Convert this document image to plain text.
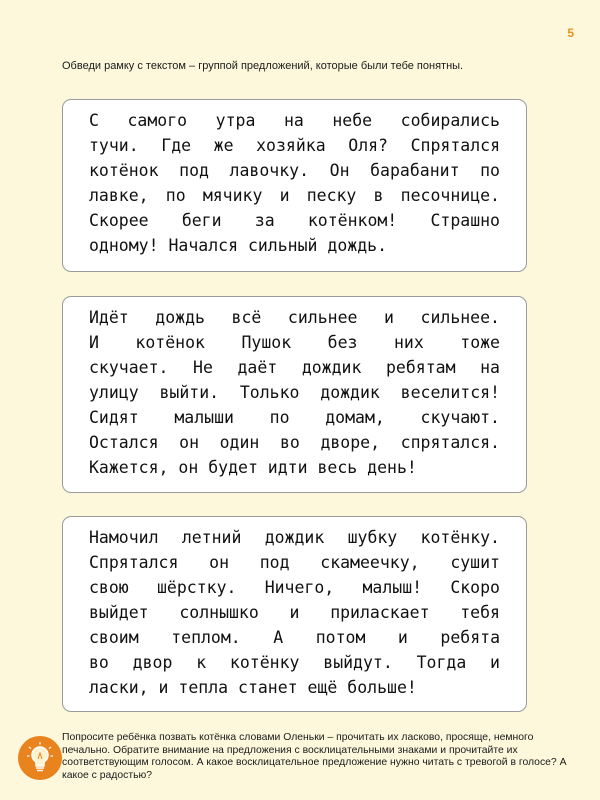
5
Обведи рамку с текстом – группой предложений, которые были тебе понятны.
С самого утра на небе собирались
тучи. Где же хозяйка Оля? Спрятался
котёнок под лавочку. Он барабанит по
лавке, по мячику и песку в песочнице.
Скорее беги за котёнком! Страшно
одному! Начался сильный дождь.
Идёт дождь всё сильнее и сильнее.
И котёнок Пушок без них тоже
скучает. Не даёт дождик ребятам на
улицу выйти. Только дождик веселится!
Сидят малыши по домам, скучают.
Остался он один во дворе, спрятался.
Кажется, он будет идти весь день!
Намочил летний дождик шубку котёнку.
Спрятался он под скамеечку, сушит
свою шёрстку. Ничего, малыш! Скоро
выйдет солнышко и приласкает тебя
своим теплом. А потом и ребята
во двор к котёнку выйдут. Тогда и
ласки, и тепла станет ещё больше!
Попросите ребёнка позвать котёнка словами Оленьки – прочитать их ласково, просяще, немного печально. Обратите внимание на предложения с восклицательными знаками и прочитайте их соответствующим голосом. А какое восклицательное предложение нужно читать с тревогой в голосе? А какое с радостью?
